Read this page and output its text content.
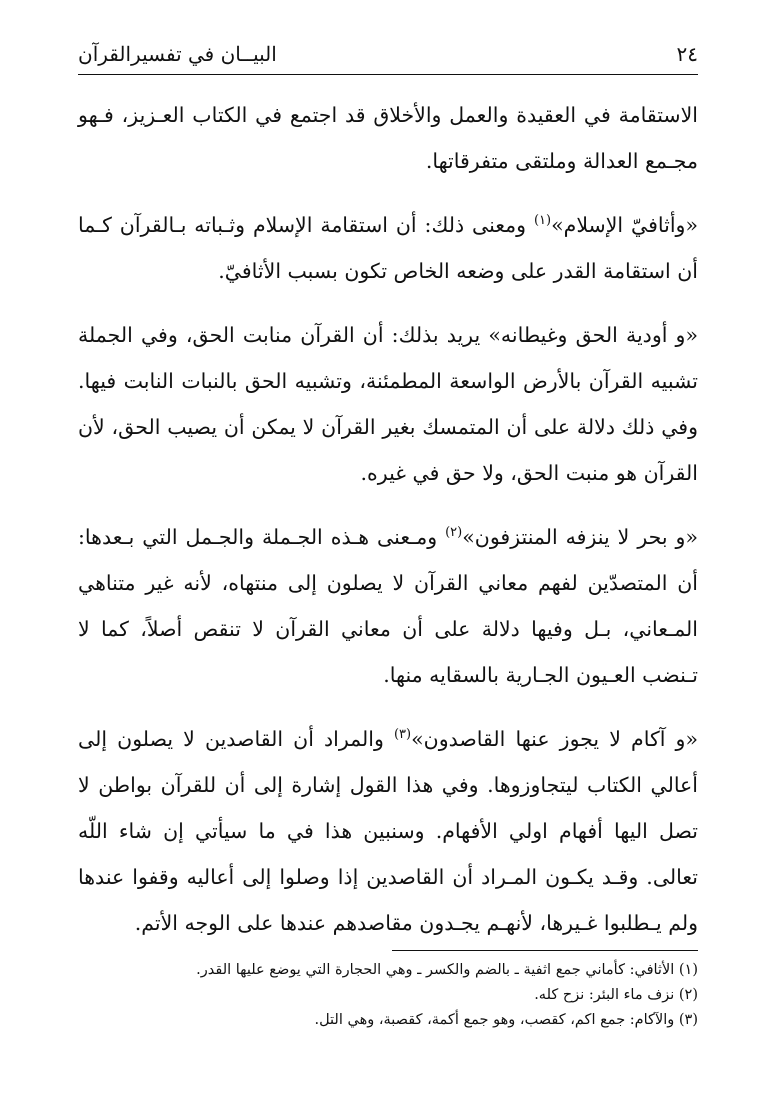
٢٤
البيــان في تفسيرالقرآن

الاستقامة في العقيدة والعمل والأخلاق قد اجتمع في الكتاب العـزيز، فـهو مجـمع العدالة وملتقى متفرقاتها.

«وأثافيّ الإسلام»$^{(١)}$ ومعنى ذلك: أن استقامة الإسلام وثـباته بـالقرآن كـما أن استقامة القدر على وضعه الخاص تكون بسبب الأثافيّ.

«و أودية الحق وغيطانه» يريد بذلك: أن القرآن منابت الحق، وفي الجملة تشبيه القرآن بالأرض الواسعة المطمئنة، وتشبيه الحق بالنبات النابت فيها. وفي ذلك دلالة على أن المتمسك بغير القرآن لا يمكن أن يصيب الحق، لأن القرآن هو منبت الحق، ولا حق في غيره.

«و بحر لا ينزفه المنتزفون»$^{(٢)}$ ومـعنى هـذه الجـملة والجـمل التي بـعدها: أن المتصدّين لفهم معاني القرآن لا يصلون إلى منتهاه، لأنه غير متناهي المـعاني، بـل وفيها دلالة على أن معاني القرآن لا تنقص أصلاً، كما لا تـنضب العـيون الجـارية بالسقايه منها.

«و آكام لا يجوز عنها القاصدون»$^{(٣)}$ والمراد أن القاصدين لا يصلون إلى أعالي الكتاب ليتجاوزوها. وفي هذا القول إشارة إلى أن للقرآن بواطن لا تصل اليها أفهام اولي الأفهام. وسنبين هذا في ما سيأتي إن شاء اللّه تعالى. وقـد يكـون المـراد أن القاصدين إذا وصلوا إلى أعاليه وقفوا عندها ولم يـطلبوا غـيرها، لأنهـم يجـدون مقاصدهم عندها على الوجه الأتم.

(١) الأثافي: كأماني جمع اثفية ـ بالضم والكسر ـ وهي الحجارة التي يوضع عليها القدر.
(٢) نزف ماء البئر: نزح كله.
(٣) والآكام: جمع اكم، كقصب، وهو جمع أكمة، كقصبة، وهي التل.
